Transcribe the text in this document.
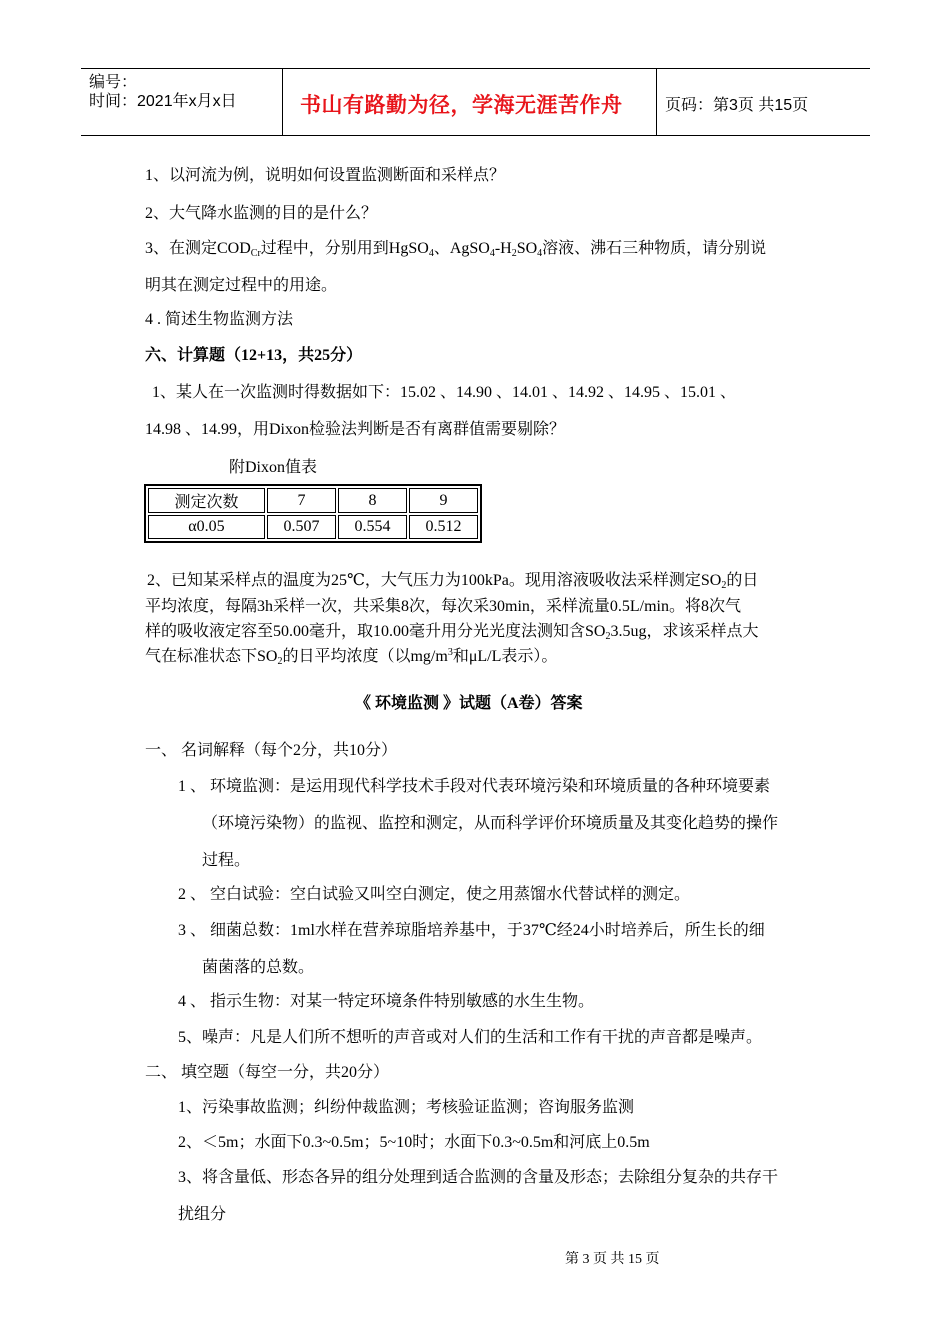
编号：
时间：2021年x月x日	书山有路勤为径，学海无涯苦作舟	页码：第3页 共15页
1、以河流为例，说明如何设置监测断面和采样点？
2、大气降水监测的目的是什么？
3、在测定$COD_{Cr}$过程中，分别用到HgSO$_4$、$AgSO_4-H_2SO_4$溶液、沸石三种物质，请分别说
明其在测定过程中的用途。
4 . 简述生物监测方法
六、计算题（12+13，共25分）
1、某人在一次监测时得数据如下：15.02 、14.90 、14.01 、14.92 、14.95 、15.01 、
14.98 、14.99，用Dixon检验法判断是否有离群值需要剔除？
附Dixon值表
测定次数	7	8	9
α0.05	0.507	0.554	0.512
2、已知某采样点的温度为25℃，大气压力为100kPa。现用溶液吸收法采样测定$SO_2$的日
平均浓度，每隔3h采样一次，共采集8次，每次采30min，采样流量0.5L/min。将8次气
样的吸收液定容至50.00毫升，取10.00毫升用分光光度法测知含$SO_23.5ug$，求该采样点大
气在标准状态下$SO_2$的日平均浓度（以$mg/m^3$和μL/L表示）。
《 环境监测 》试题（A卷）答案
一、 名词解释（每个2分，共10分）
1 、 环境监测：是运用现代科学技术手段对代表环境污染和环境质量的各种环境要素
（环境污染物）的监视、监控和测定，从而科学评价环境质量及其变化趋势的操作
过程。
2 、 空白试验：空白试验又叫空白测定，使之用蒸馏水代替试样的测定。
3 、 细菌总数：1ml水样在营养琼脂培养基中，于37℃经24小时培养后，所生长的细
菌菌落的总数。
4 、 指示生物：对某一特定环境条件特别敏感的水生生物。
5、噪声：凡是人们所不想听的声音或对人们的生活和工作有干扰的声音都是噪声。
二、 填空题（每空一分，共20分）
1、污染事故监测；纠纷仲裁监测；考核验证监测；咨询服务监测
2、＜5m；水面下0.3~0.5m；5~10时；水面下0.3~0.5m和河底上0.5m
3、将含量低、形态各异的组分处理到适合监测的含量及形态；去除组分复杂的共存干
扰组分
第 3 页 共 15 页
